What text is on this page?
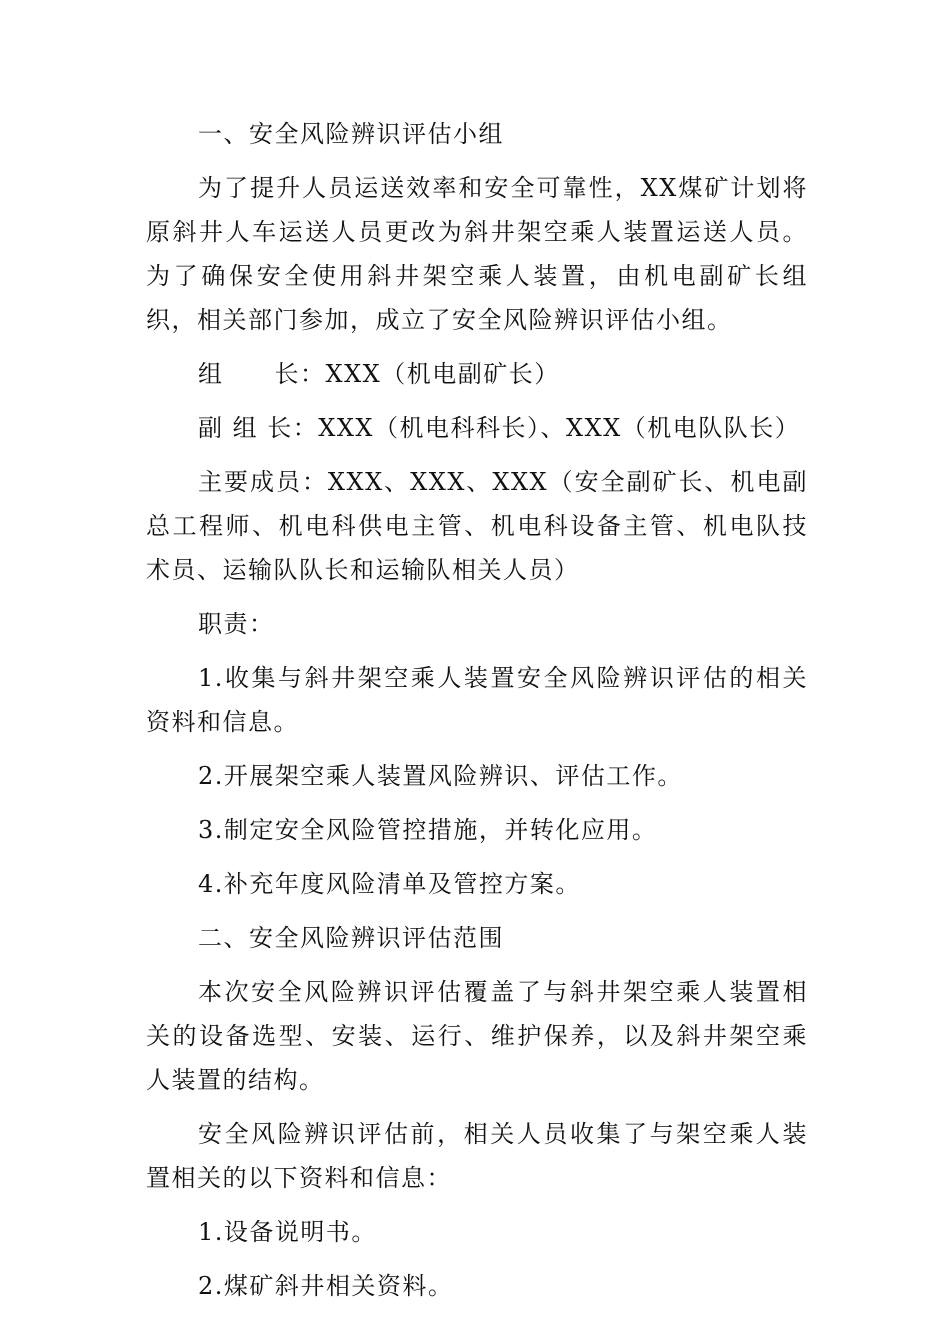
一、安全风险辨识评估小组

为了提升人员运送效率和安全可靠性，XX煤矿计划将原斜井人车运送人员更改为斜井架空乘人装置运送人员。为了确保安全使用斜井架空乘人装置，由机电副矿长组织，相关部门参加，成立了安全风险辨识评估小组。

组　　长：XXX（机电副矿长）

副 组 长：XXX（机电科科长）、XXX（机电队队长）

主要成员：XXX、XXX、XXX（安全副矿长、机电副总工程师、机电科供电主管、机电科设备主管、机电队技术员、运输队队长和运输队相关人员）

职责：

1.收集与斜井架空乘人装置安全风险辨识评估的相关资料和信息。

2.开展架空乘人装置风险辨识、评估工作。

3.制定安全风险管控措施，并转化应用。

4.补充年度风险清单及管控方案。

二、安全风险辨识评估范围

本次安全风险辨识评估覆盖了与斜井架空乘人装置相关的设备选型、安装、运行、维护保养，以及斜井架空乘人装置的结构。

安全风险辨识评估前，相关人员收集了与架空乘人装置相关的以下资料和信息：

1.设备说明书。

2.煤矿斜井相关资料。
